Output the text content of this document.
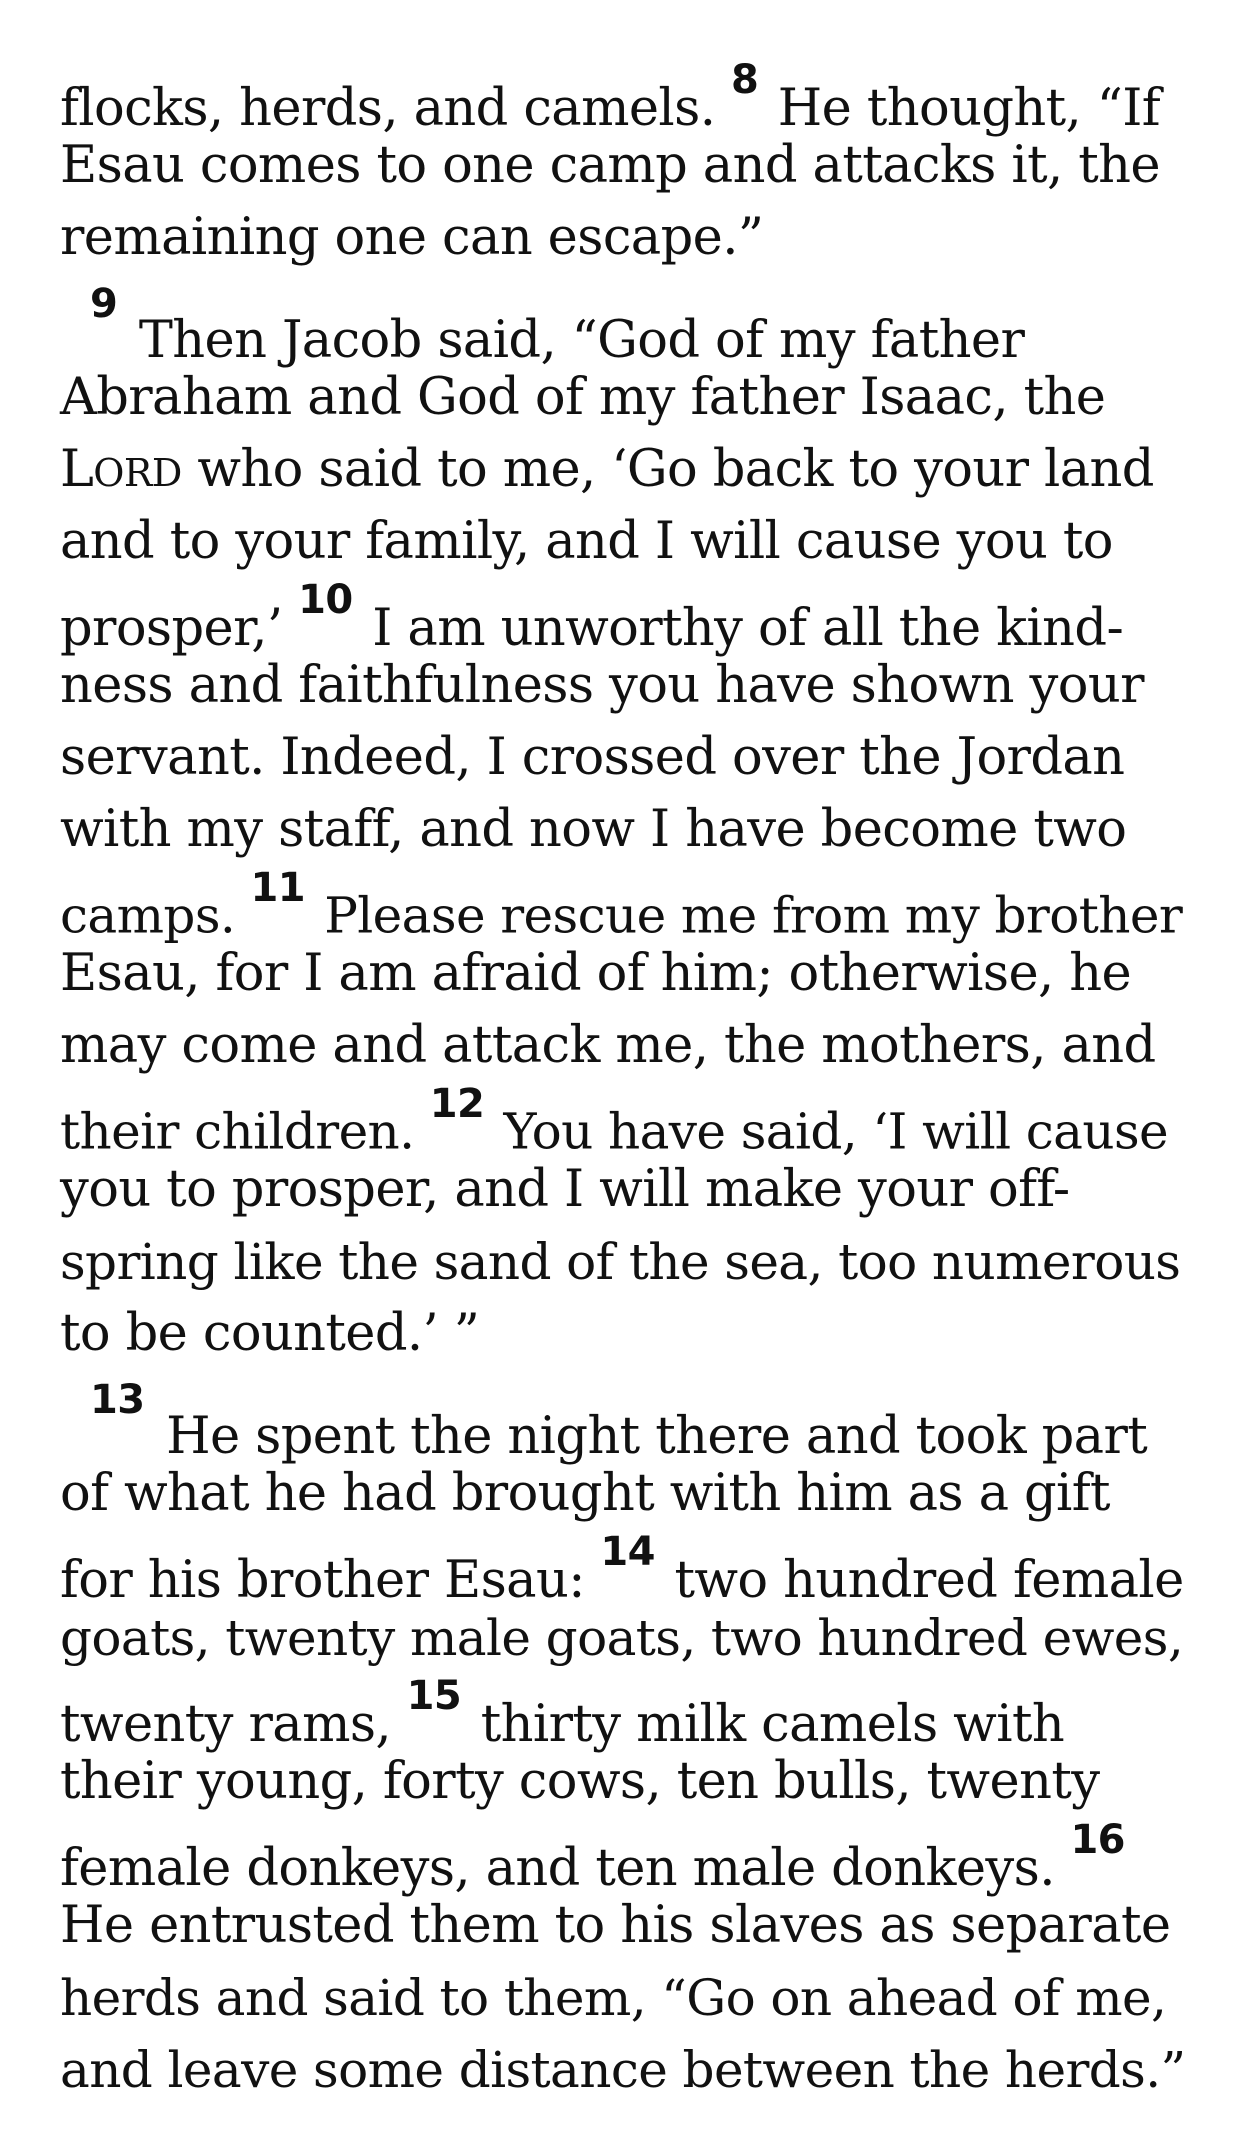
flocks, herds, and camels. $^8$ He thought, “If
Esau comes to one camp and attacks it, the
remaining one can escape.”
$^9$ Then Jacob said, “God of my father
Abraham and God of my father Isaac, the
LORD who said to me, ‘Go back to your land
and to your family, and I will cause you to
prosper,’ $^{10}$ I am unworthy of all the kind-
ness and faithfulness you have shown your
servant. Indeed, I crossed over the Jordan
with my staff, and now I have become two
camps. $^{11}$ Please rescue me from my brother
Esau, for I am afraid of him; otherwise, he
may come and attack me, the mothers, and
their children. $^{12}$ You have said, ‘I will cause
you to prosper, and I will make your off-
spring like the sand of the sea, too numerous
to be counted.’ ”
$^{13}$ He spent the night there and took part
of what he had brought with him as a gift
for his brother Esau: $^{14}$ two hundred female
goats, twenty male goats, two hundred ewes,
twenty rams, $^{15}$ thirty milk camels with
their young, forty cows, ten bulls, twenty
female donkeys, and ten male donkeys. $^{16}$
He entrusted them to his slaves as separate
herds and said to them, “Go on ahead of me,
and leave some distance between the herds.”
